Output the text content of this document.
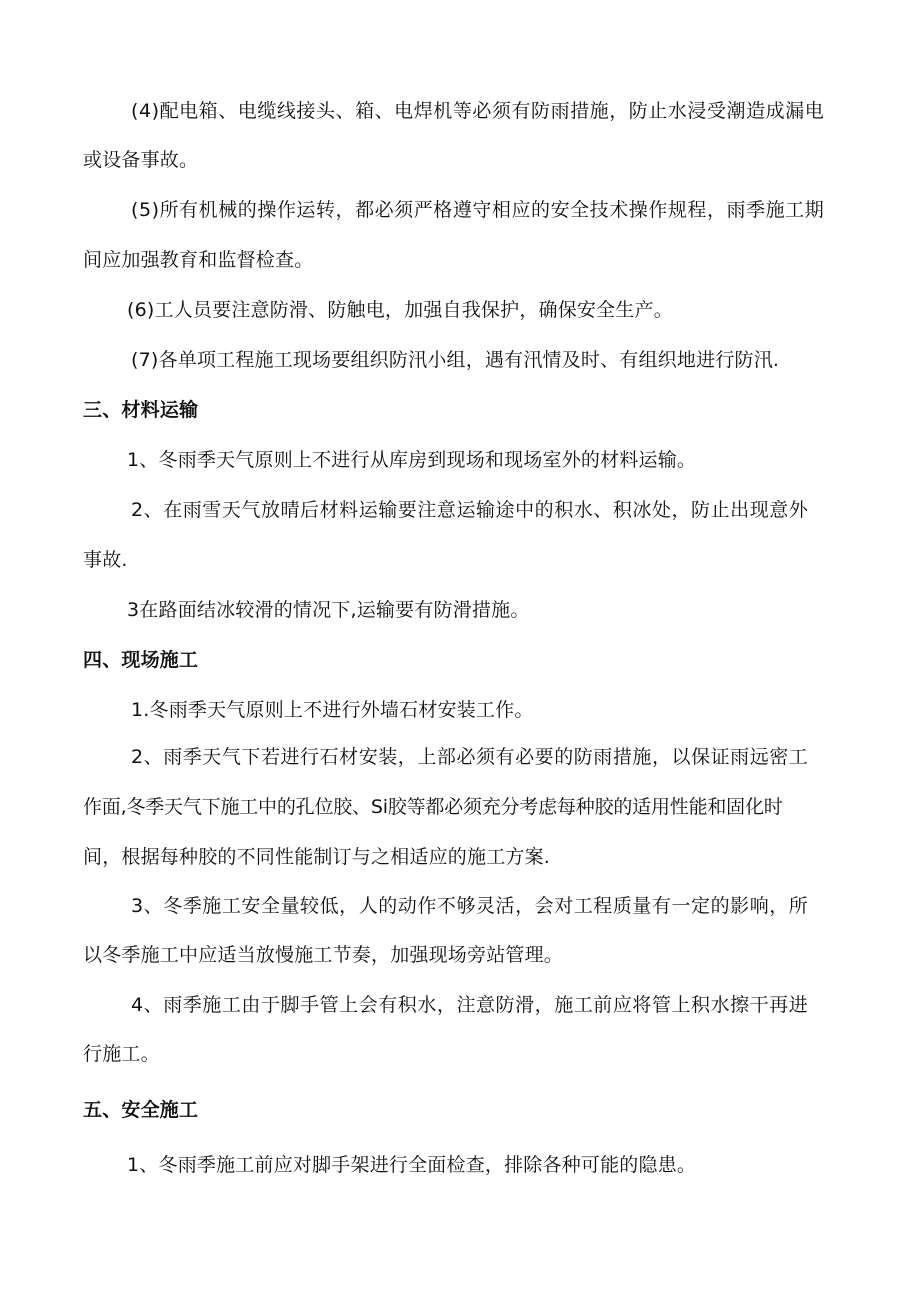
(4)配电箱、电缆线接头、箱、电焊机等必须有防雨措施，防止水浸受潮造成漏电
或设备事故。
(5)所有机械的操作运转，都必须严格遵守相应的安全技术操作规程，雨季施工期
间应加强教育和监督检查。
(6)工人员要注意防滑、防触电，加强自我保护，确保安全生产。
(7)各单项工程施工现场要组织防汛小组，遇有汛情及时、有组织地进行防汛.
三、材料运输
1、冬雨季天气原则上不进行从库房到现场和现场室外的材料运输。
2、在雨雪天气放晴后材料运输要注意运输途中的积水、积冰处，防止出现意外
事故.
3在路面结冰较滑的情况下,运输要有防滑措施。
四、现场施工
1.冬雨季天气原则上不进行外墙石材安装工作。
2、雨季天气下若进行石材安装，上部必须有必要的防雨措施，以保证雨远密工
作面,冬季天气下施工中的孔位胶、Si胶等都必须充分考虑每种胶的适用性能和固化时
间，根据每种胶的不同性能制订与之相适应的施工方案.
3、冬季施工安全量较低，人的动作不够灵活，会对工程质量有一定的影响，所
以冬季施工中应适当放慢施工节奏，加强现场旁站管理。
4、雨季施工由于脚手管上会有积水，注意防滑，施工前应将管上积水擦干再进
行施工。
五、安全施工
1、冬雨季施工前应对脚手架进行全面检查，排除各种可能的隐患。
